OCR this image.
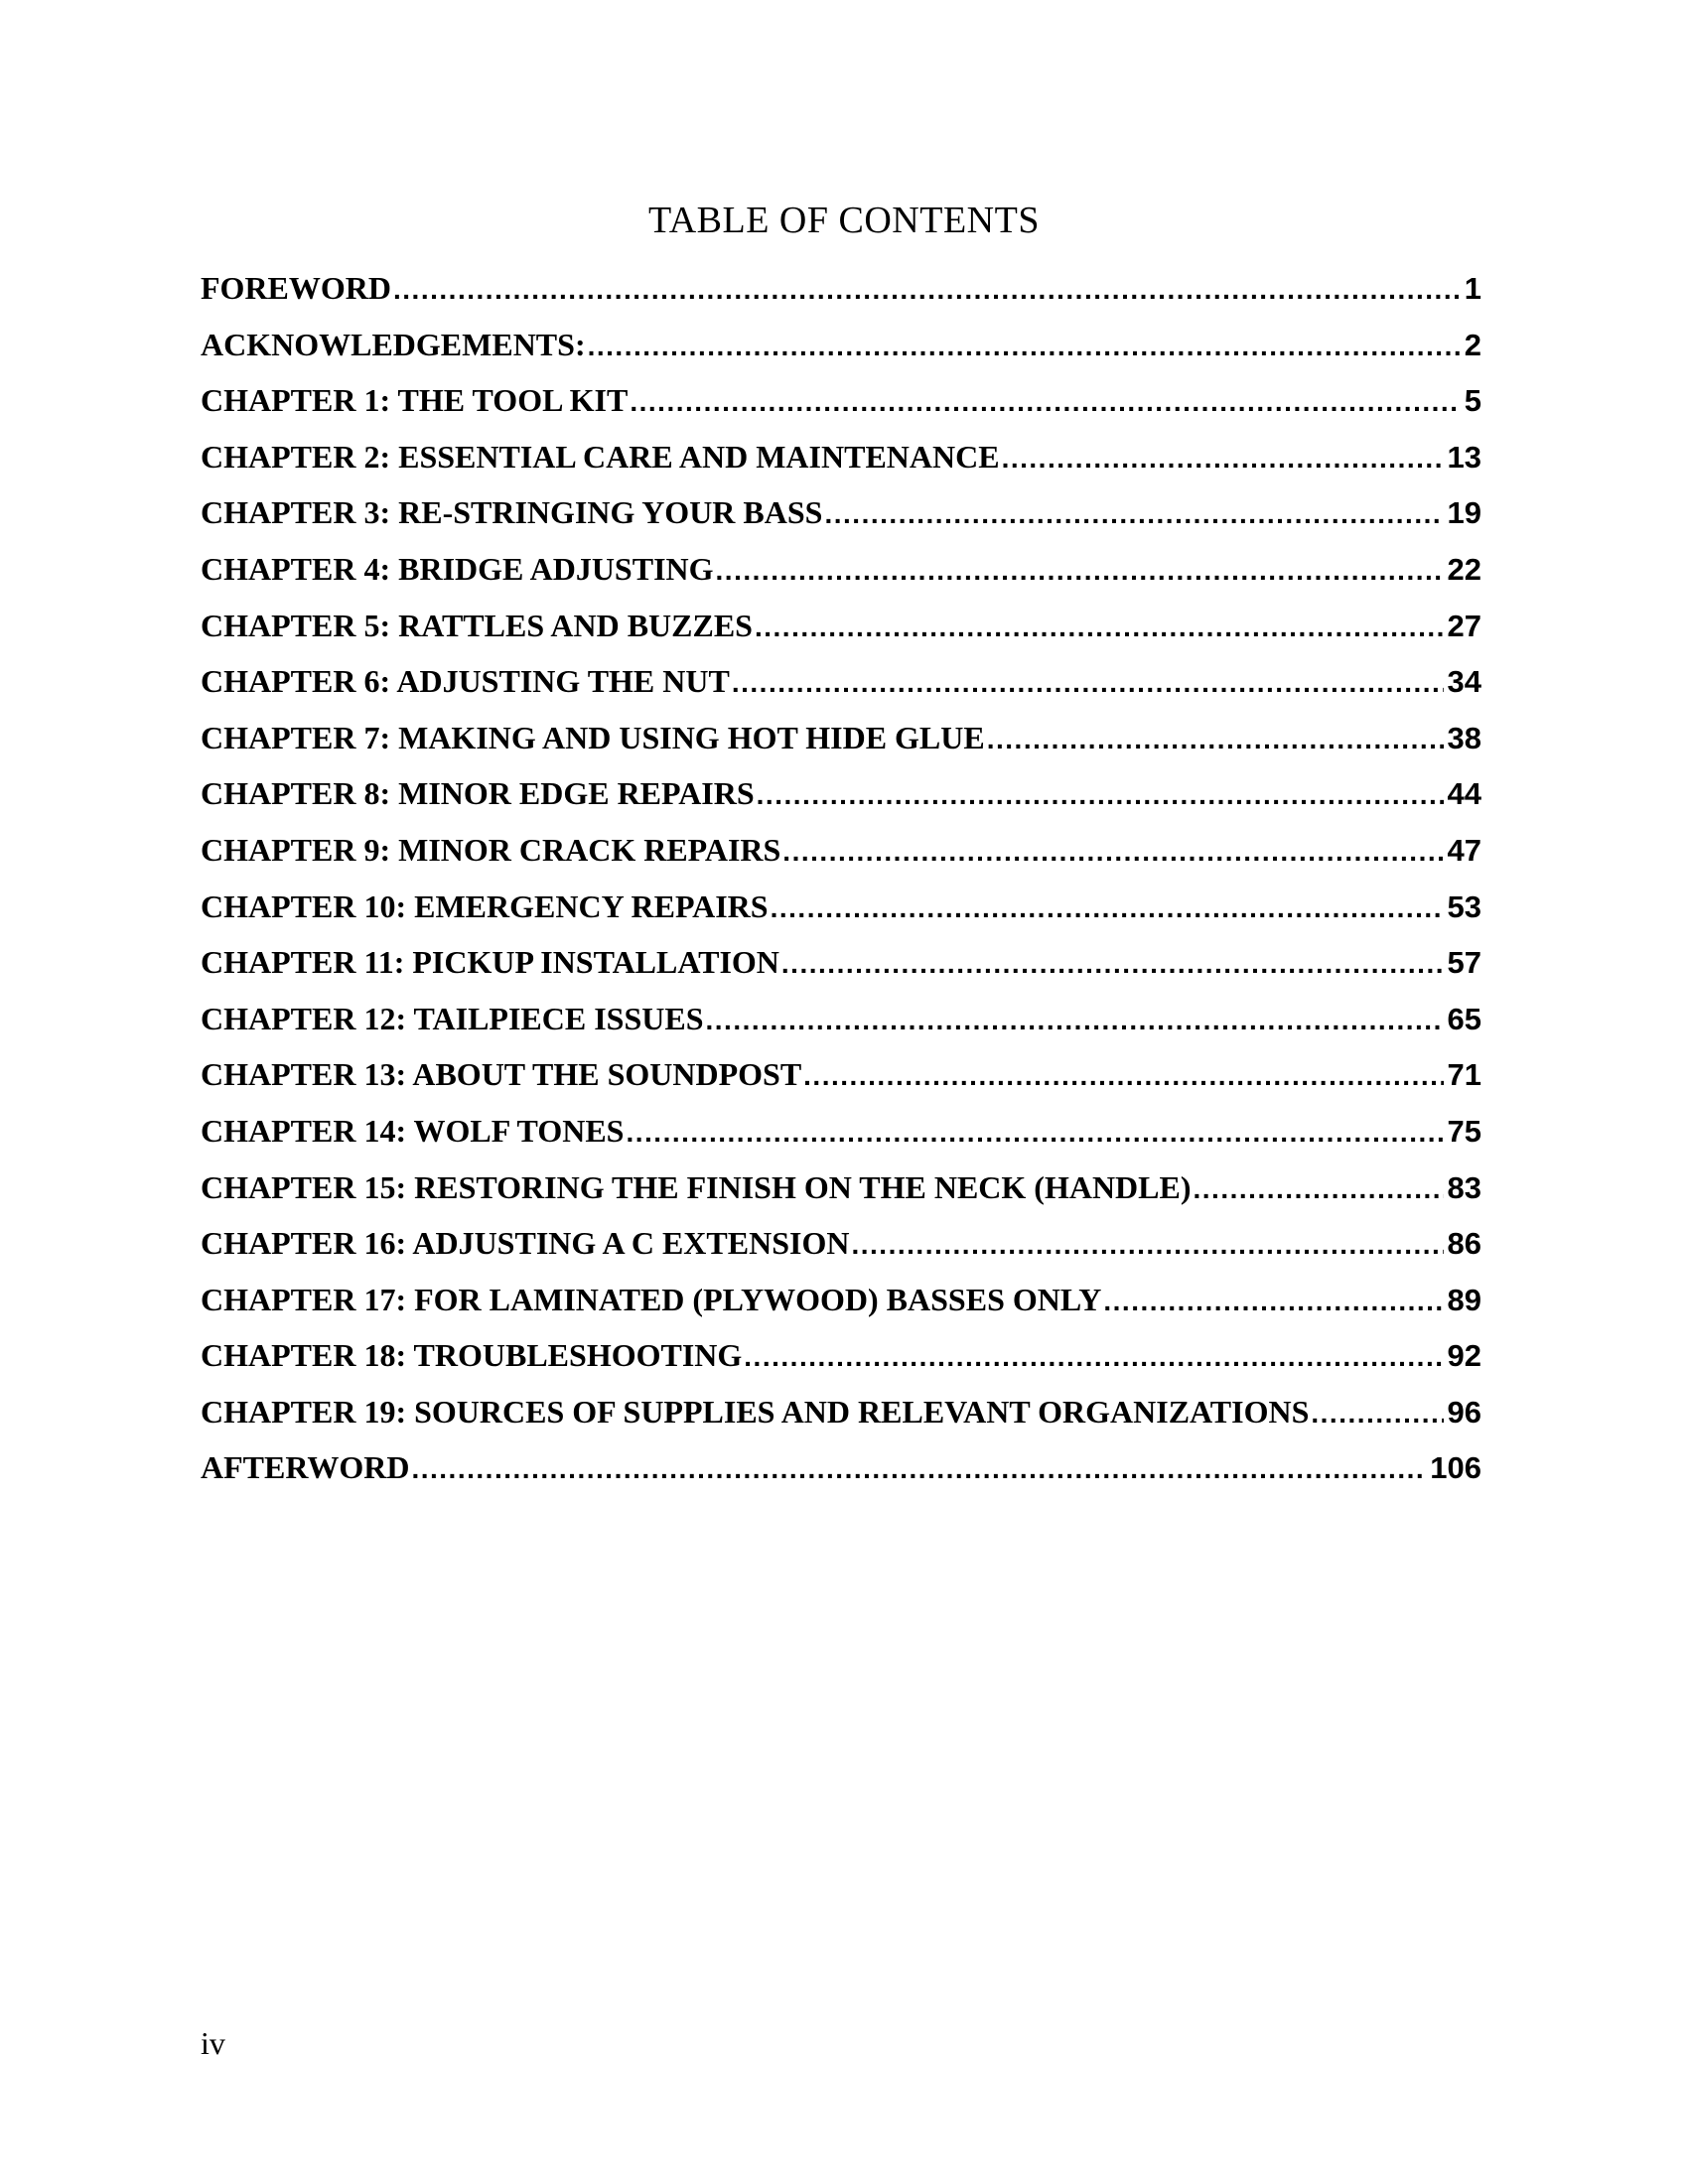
TABLE OF CONTENTS
FOREWORD .....	1
ACKNOWLEDGEMENTS: .....	2
CHAPTER 1: THE TOOL KIT .....	5
CHAPTER 2: ESSENTIAL CARE AND MAINTENANCE .....	13
CHAPTER 3: RE-STRINGING YOUR BASS .....	19
CHAPTER 4: BRIDGE ADJUSTING .....	22
CHAPTER 5: RATTLES AND BUZZES .....	27
CHAPTER 6: ADJUSTING THE NUT .....	34
CHAPTER 7: MAKING AND USING HOT HIDE GLUE .....	38
CHAPTER 8: MINOR EDGE REPAIRS .....	44
CHAPTER 9: MINOR CRACK REPAIRS .....	47
CHAPTER 10: EMERGENCY REPAIRS .....	53
CHAPTER 11: PICKUP INSTALLATION .....	57
CHAPTER 12: TAILPIECE ISSUES .....	65
CHAPTER 13: ABOUT THE SOUNDPOST .....	71
CHAPTER 14: WOLF TONES .....	75
CHAPTER 15: RESTORING THE FINISH ON THE NECK (HANDLE) .....	83
CHAPTER 16: ADJUSTING A C EXTENSION .....	86
CHAPTER 17: FOR LAMINATED (PLYWOOD) BASSES ONLY .....	89
CHAPTER 18: TROUBLESHOOTING .....	92
CHAPTER 19: SOURCES OF SUPPLIES AND RELEVANT ORGANIZATIONS .....	96
AFTERWORD .....	106
iv
